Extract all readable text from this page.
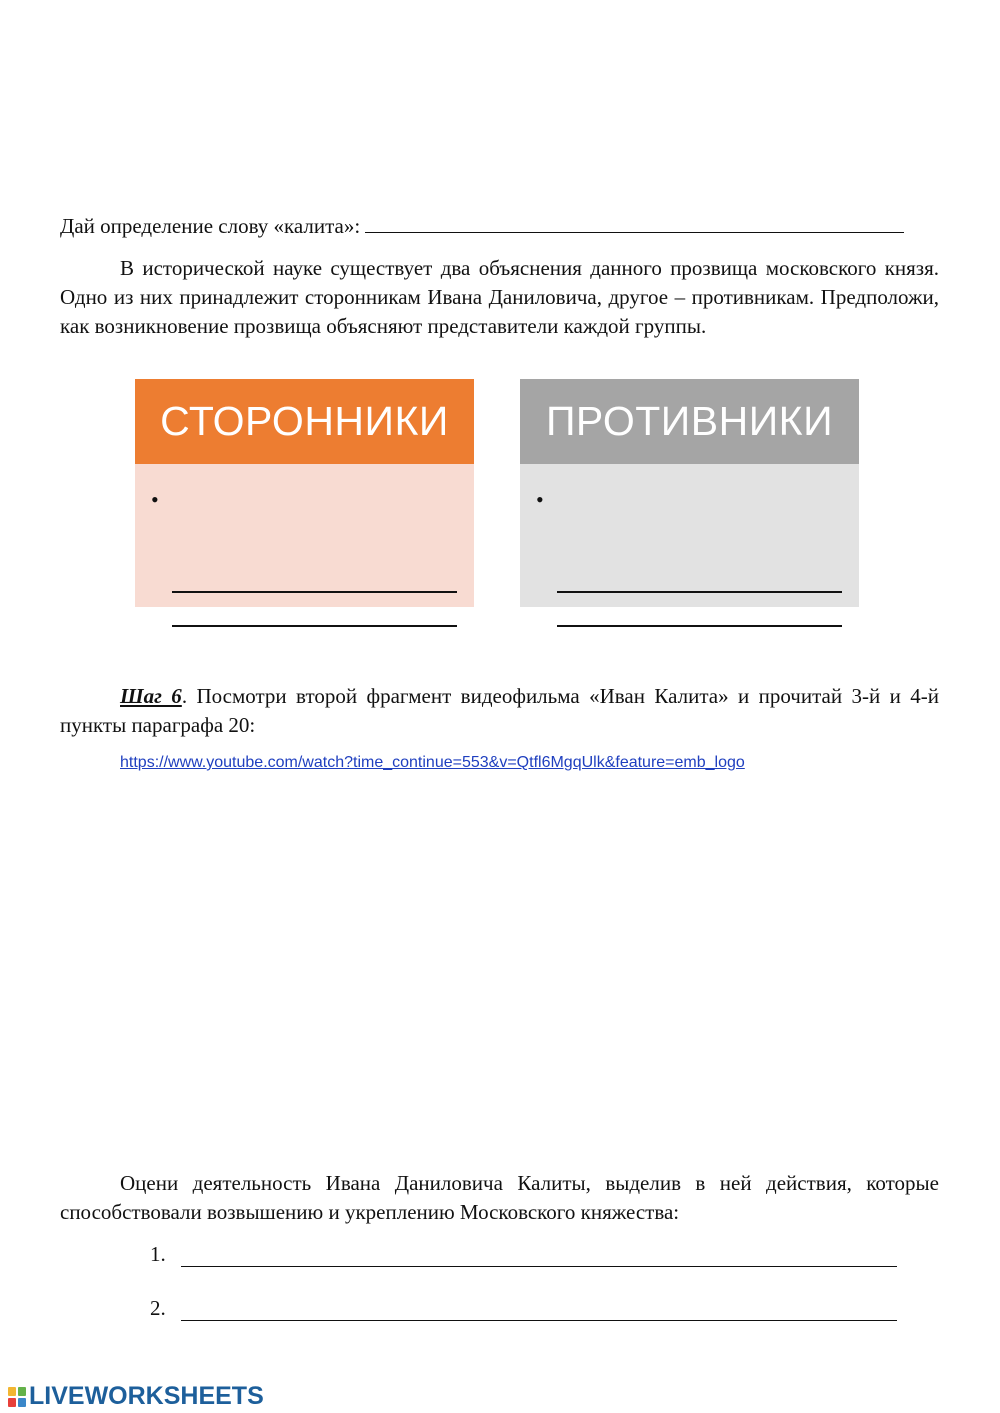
Дай определение слову «калита»:

В исторической науке существует два объяснения данного прозвища московского князя. Одно из них принадлежит сторонникам Ивана Даниловича, другое – противникам. Предположи, как возникновение прозвища объясняют представители каждой группы.

СТОРОННИКИ
•
ПРОТИВНИКИ
•

Шаг 6. Посмотри второй фрагмент видеофильма «Иван Калита» и прочитай 3-й и 4-й пункты параграфа 20:

https://www.youtube.com/watch?time_continue=553&v=Qtfl6MgqUlk&feature=emb_logo

Оцени деятельность Ивана Даниловича Калиты, выделив в ней действия, которые способствовали возвышению и укреплению Московского княжества:

1.
2.
LIVEWORKSHEETS
